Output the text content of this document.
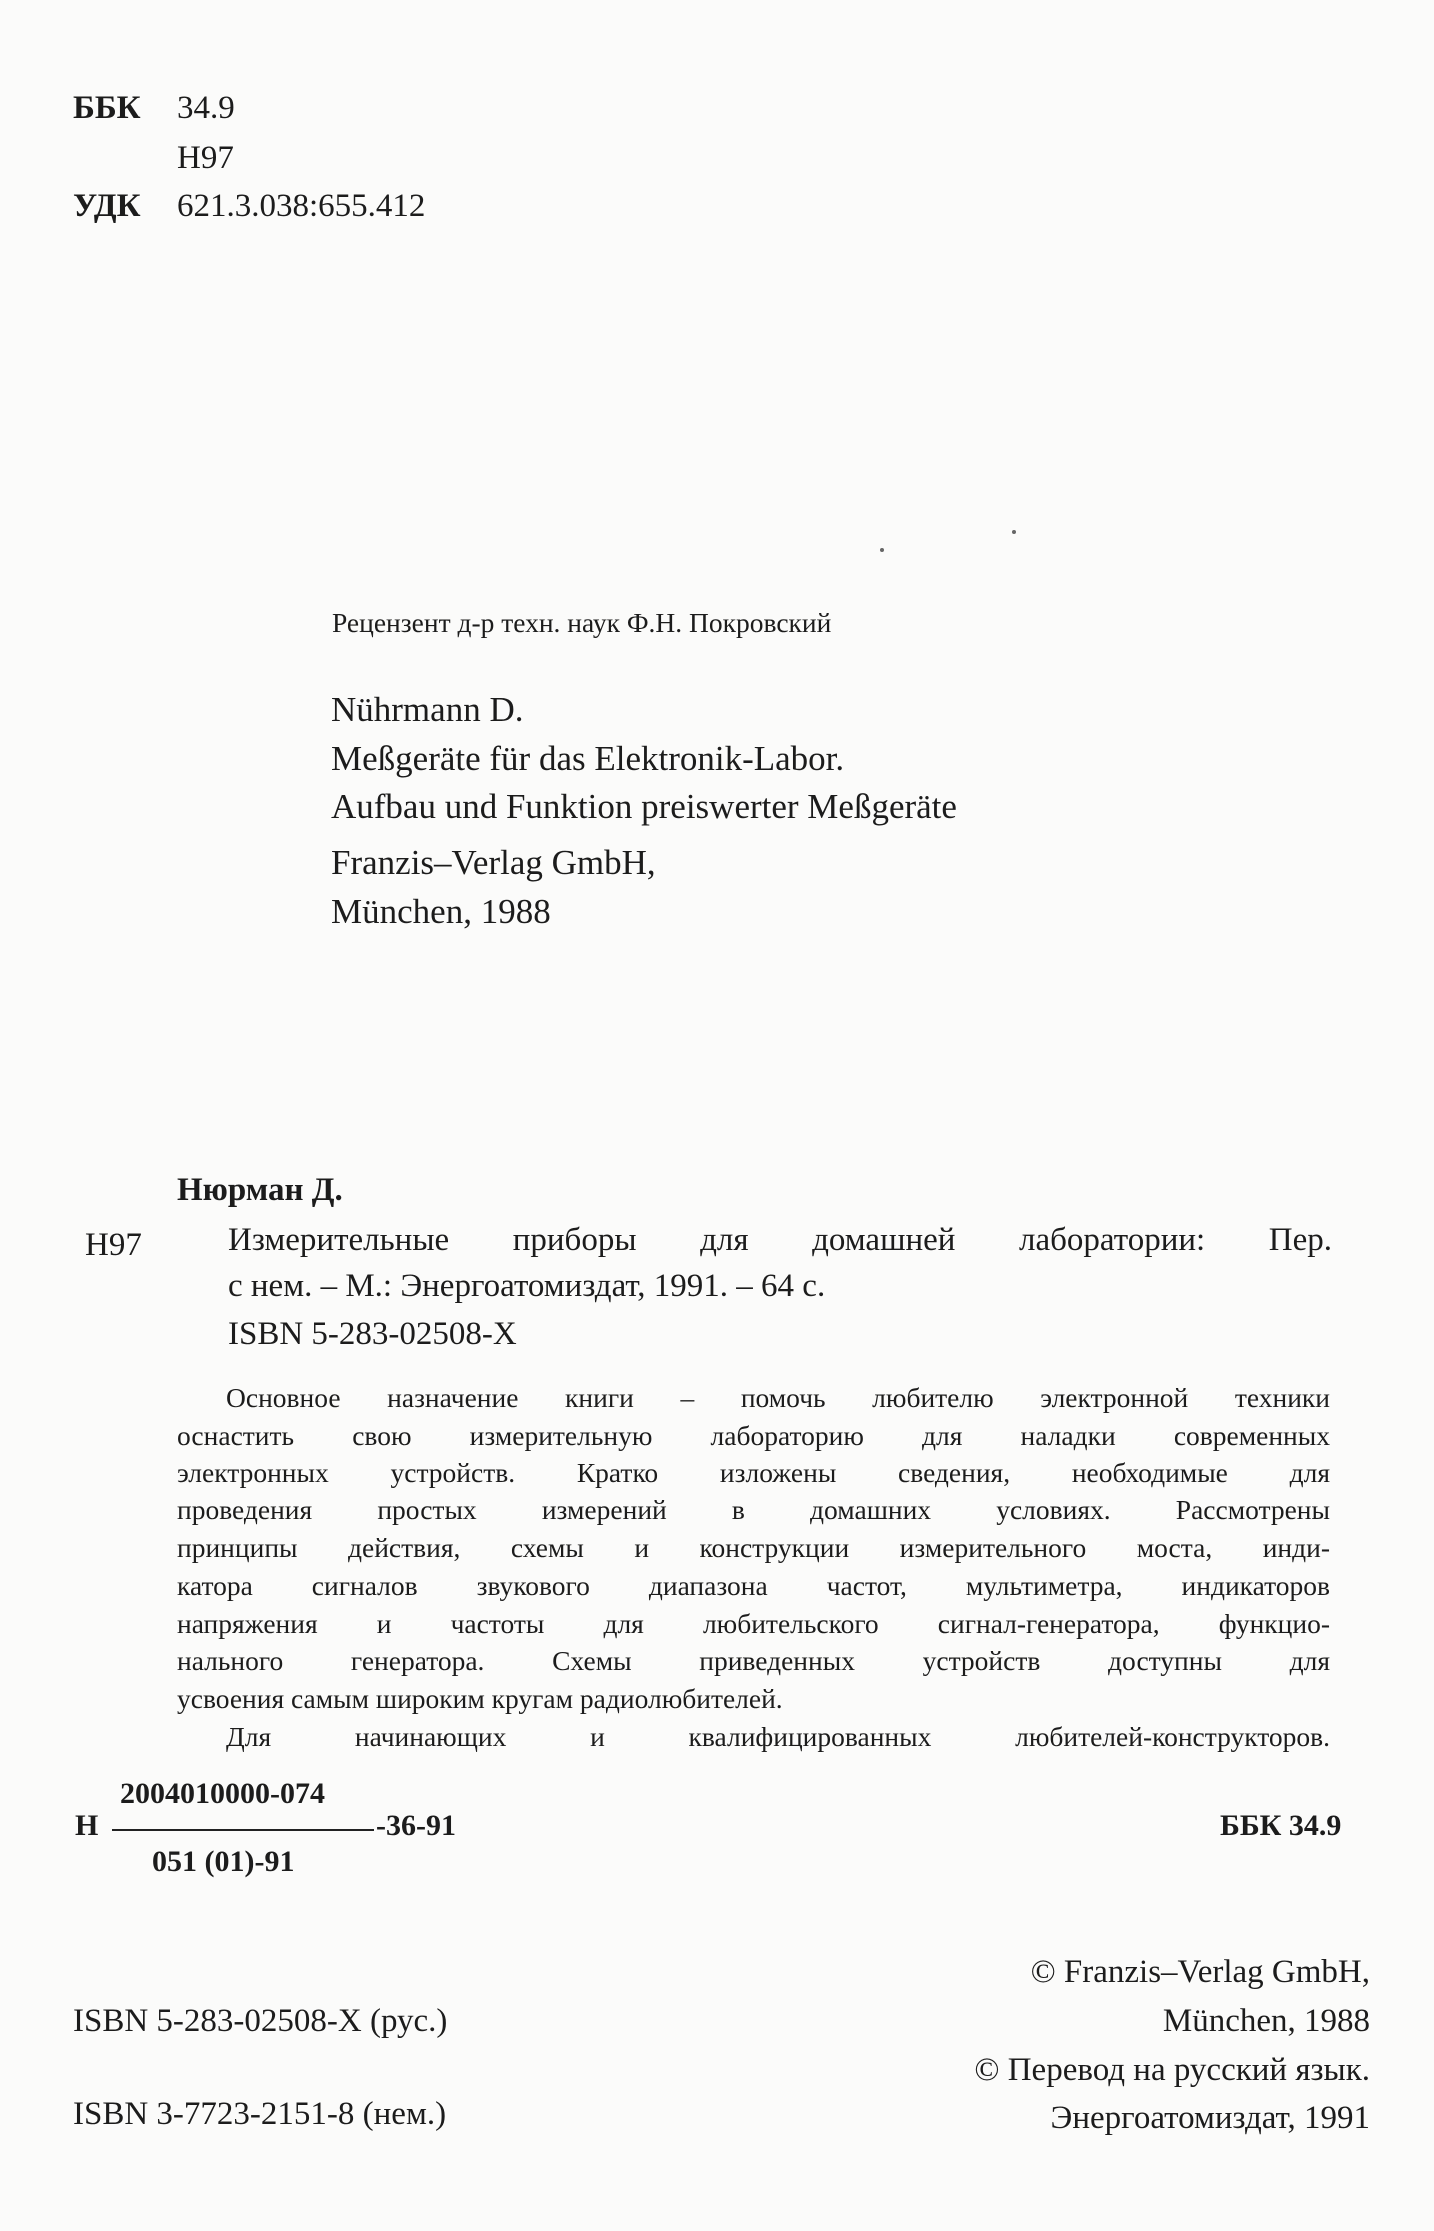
ББК 34.9
Н97
УДК 621.3.038:655.412
Рецензент д-р техн. наук Ф.Н. Покровский
Nührmann D.
Meßgeräte für das Elektronik-Labor.
Aufbau und Funktion preiswerter Meßgeräte
Franzis–Verlag GmbH,
München, 1988
Нюрман Д.
Н97	Измерительные приборы для домашней лаборатории: Пер.
с нем. – М.: Энергоатомиздат, 1991. – 64 с.
ISBN 5-283-02508-X
Основное назначение книги – помочь любителю электронной техники
оснастить свою измерительную лабораторию для наладки современных
электронных устройств. Кратко изложены сведения, необходимые для
проведения простых измерений в домашних условиях. Рассмотрены
принципы действия, схемы и конструкции измерительного моста, инди-
катора сигналов звукового диапазона частот, мультиметра, индикаторов
напряжения и частоты для любительского сигнал-генератора, функцио-
нального генератора. Схемы приведенных устройств доступны для
усвоения самым широким кругам радиолюбителей.
Для начинающих и квалифицированных любителей-конструкторов.
2004010000-074
Н	-36-91
051 (01)-91
ББК 34.9
ISBN 5-283-02508-X (рус.)
ISBN 3-7723-2151-8 (нем.)
© Franzis–Verlag GmbH,
München, 1988
© Перевод на русский язык.
Энергоатомиздат, 1991
